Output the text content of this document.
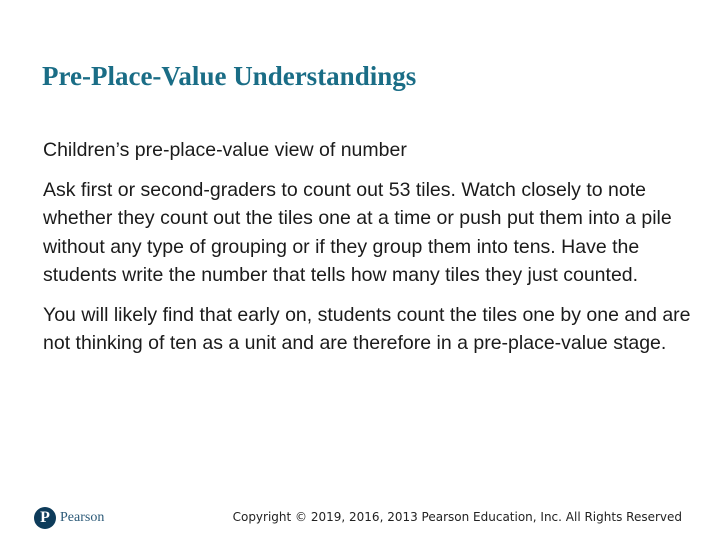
Pre-Place-Value Understandings

Children’s pre-place-value view of number

Ask first or second-graders to count out 53 tiles. Watch closely to note whether they count out the tiles one at a time or push put them into a pile without any type of grouping or if they group them into tens. Have the students write the number that tells how many tiles they just counted.

You will likely find that early on, students count the tiles one by one and are not thinking of ten as a unit and are therefore in a pre-place-value stage.

P Pearson	Copyright © 2019, 2016, 2013 Pearson Education, Inc. All Rights Reserved
